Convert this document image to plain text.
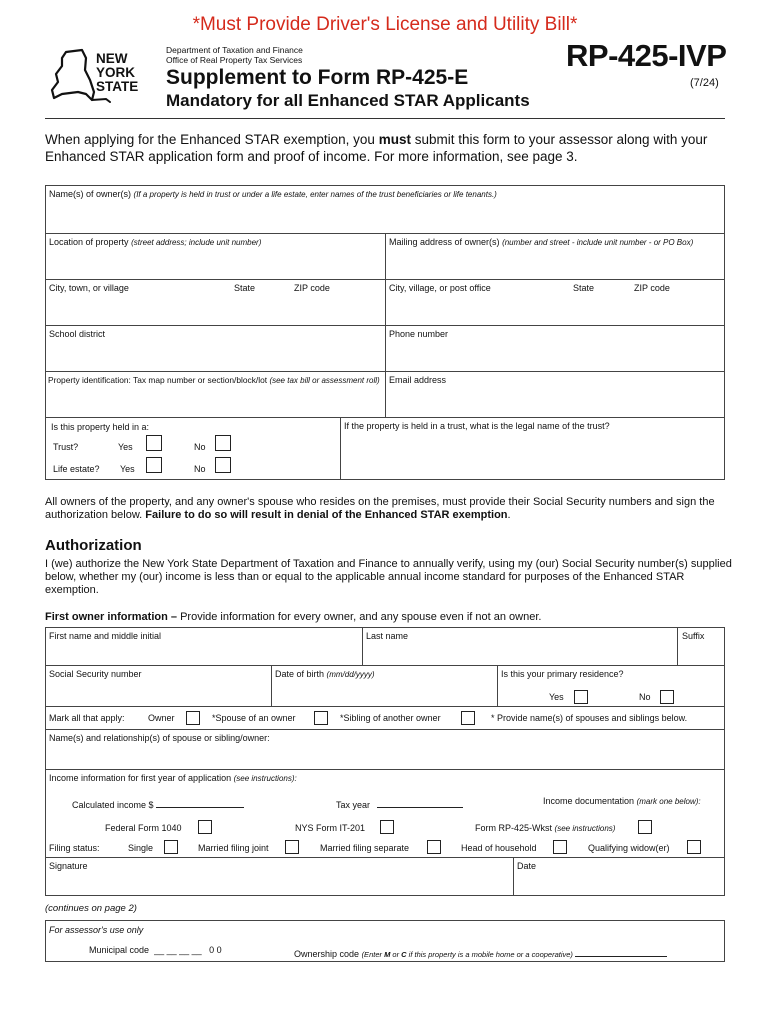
*Must Provide Driver's License and Utility Bill*
NEW
YORK
STATE
Department of Taxation and Finance
Office of Real Property Tax Services	RP-425-IVP
(7/24)
Supplement to Form RP-425-E
Mandatory for all Enhanced STAR Applicants
When applying for the Enhanced STAR exemption, you must submit this form to your assessor along with your Enhanced STAR application form and proof of income. For more information, see page 3.
Name(s) of owner(s) (If a property is held in trust or under a life estate, enter names of the trust beneficiaries or life tenants.)
Location of property (street address; include unit number)	Mailing address of owner(s) (number and street - include unit number - or PO Box)
City, town, or village	State	ZIP code	City, village, or post office	State	ZIP code
School district	Phone number
Property identification: Tax map number or section/block/lot (see tax bill or assessment roll)	Email address
Is this property held in a:
Trust?	Yes	No
Life estate? Yes	No
If the property is held in a trust, what is the legal name of the trust?
All owners of the property, and any owner's spouse who resides on the premises, must provide their Social Security numbers and sign the authorization below. Failure to do so will result in denial of the Enhanced STAR exemption.
Authorization
I (we) authorize the New York State Department of Taxation and Finance to annually verify, using my (our) Social Security number(s) supplied below, whether my (our) income is less than or equal to the applicable annual income standard for purposes of the Enhanced STAR exemption.
First owner information – Provide information for every owner, and any spouse even if not an owner.
First name and middle initial	Last name	Suffix
Social Security number	Date of birth (mm/dd/yyyy)	Is this your primary residence?
Yes	No
Mark all that apply:	Owner	*Spouse of an owner	*Sibling of another owner	* Provide name(s) of spouses and siblings below.
Name(s) and relationship(s) of spouse or sibling/owner:
Income information for first year of application (see instructions):
Calculated income $	Tax year	Income documentation (mark one below):
Federal Form 1040	NYS Form IT-201	Form RP-425-Wkst (see instructions)
Filing status:	Single	Married filing joint	Married filing separate	Head of household	Qualifying widow(er)
Signature	Date
(continues on page 2)
For assessor's use only
Municipal code __ __ __ __ 0 0	Ownership code (Enter M or C if this property is a mobile home or a cooperative)
